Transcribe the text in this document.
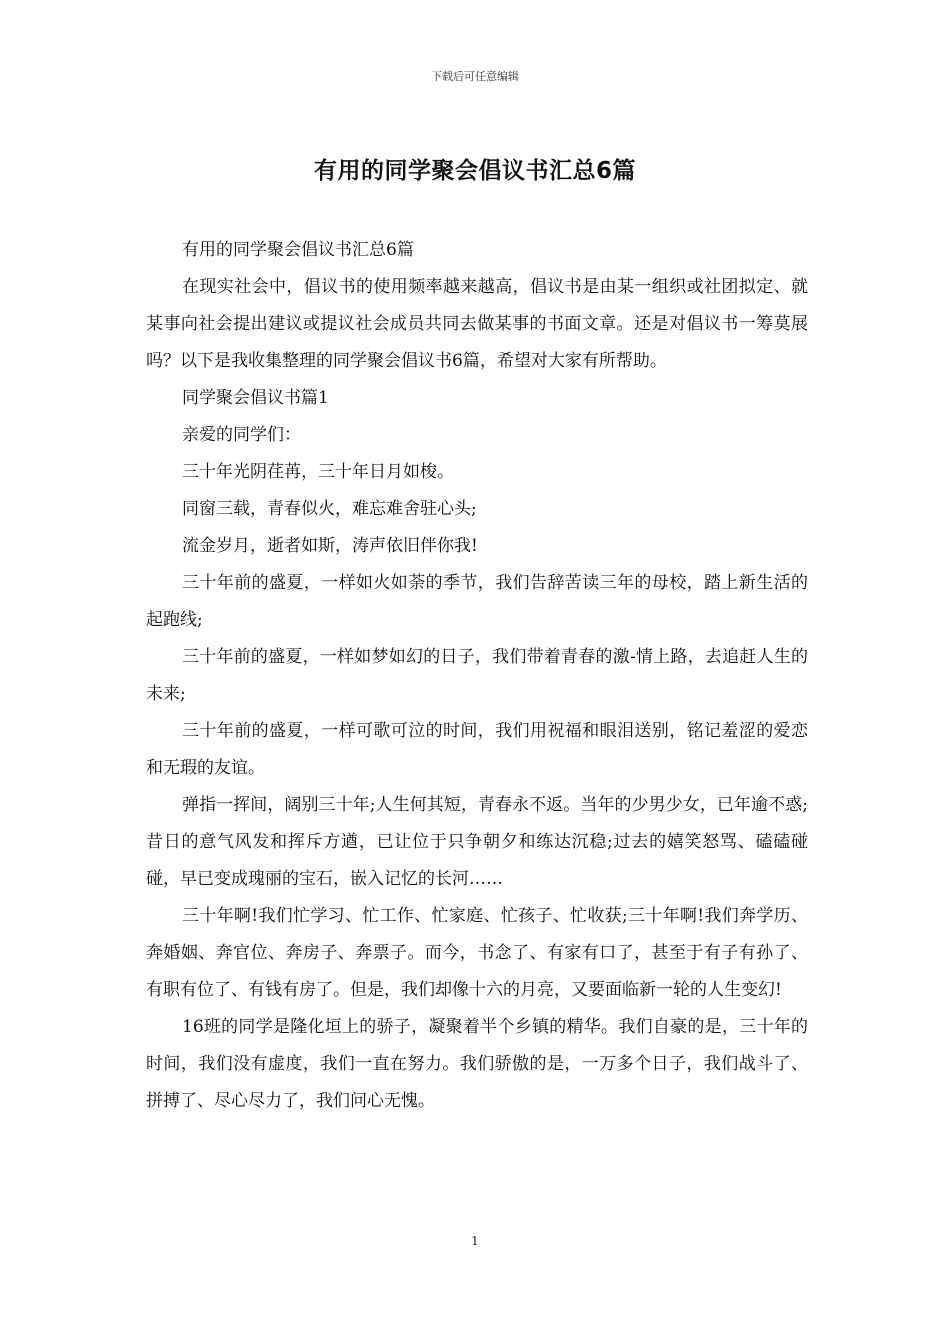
下载后可任意编辑
有用的同学聚会倡议书汇总6篇

有用的同学聚会倡议书汇总6篇

在现实社会中，倡议书的使用频率越来越高，倡议书是由某一组织或社团拟定、就某事向社会提出建议或提议社会成员共同去做某事的书面文章。还是对倡议书一筹莫展吗？以下是我收集整理的同学聚会倡议书6篇，希望对大家有所帮助。

同学聚会倡议书篇1

亲爱的同学们：

三十年光阴荏苒，三十年日月如梭。

同窗三载，青春似火，难忘难舍驻心头;

流金岁月，逝者如斯，涛声依旧伴你我!

三十年前的盛夏，一样如火如荼的季节，我们告辞苦读三年的母校，踏上新生活的起跑线;

三十年前的盛夏，一样如梦如幻的日子，我们带着青春的激-情上路，去追赶人生的未来;

三十年前的盛夏，一样可歌可泣的时间，我们用祝福和眼泪送别，铭记羞涩的爱恋和无瑕的友谊。

弹指一挥间，阔别三十年;人生何其短，青春永不返。当年的少男少女，已年逾不惑;昔日的意气风发和挥斥方遒，已让位于只争朝夕和练达沉稳;过去的嬉笑怒骂、磕磕碰碰，早已变成瑰丽的宝石，嵌入记忆的长河……

三十年啊!我们忙学习、忙工作、忙家庭、忙孩子、忙收获;三十年啊!我们奔学历、奔婚姻、奔官位、奔房子、奔票子。而今，书念了、有家有口了，甚至于有子有孙了、有职有位了、有钱有房了。但是，我们却像十六的月亮，又要面临新一轮的人生变幻!

16班的同学是隆化垣上的骄子，凝聚着半个乡镇的精华。我们自豪的是，三十年的时间，我们没有虚度，我们一直在努力。我们骄傲的是，一万多个日子，我们战斗了、拼搏了、尽心尽力了，我们问心无愧。

1
